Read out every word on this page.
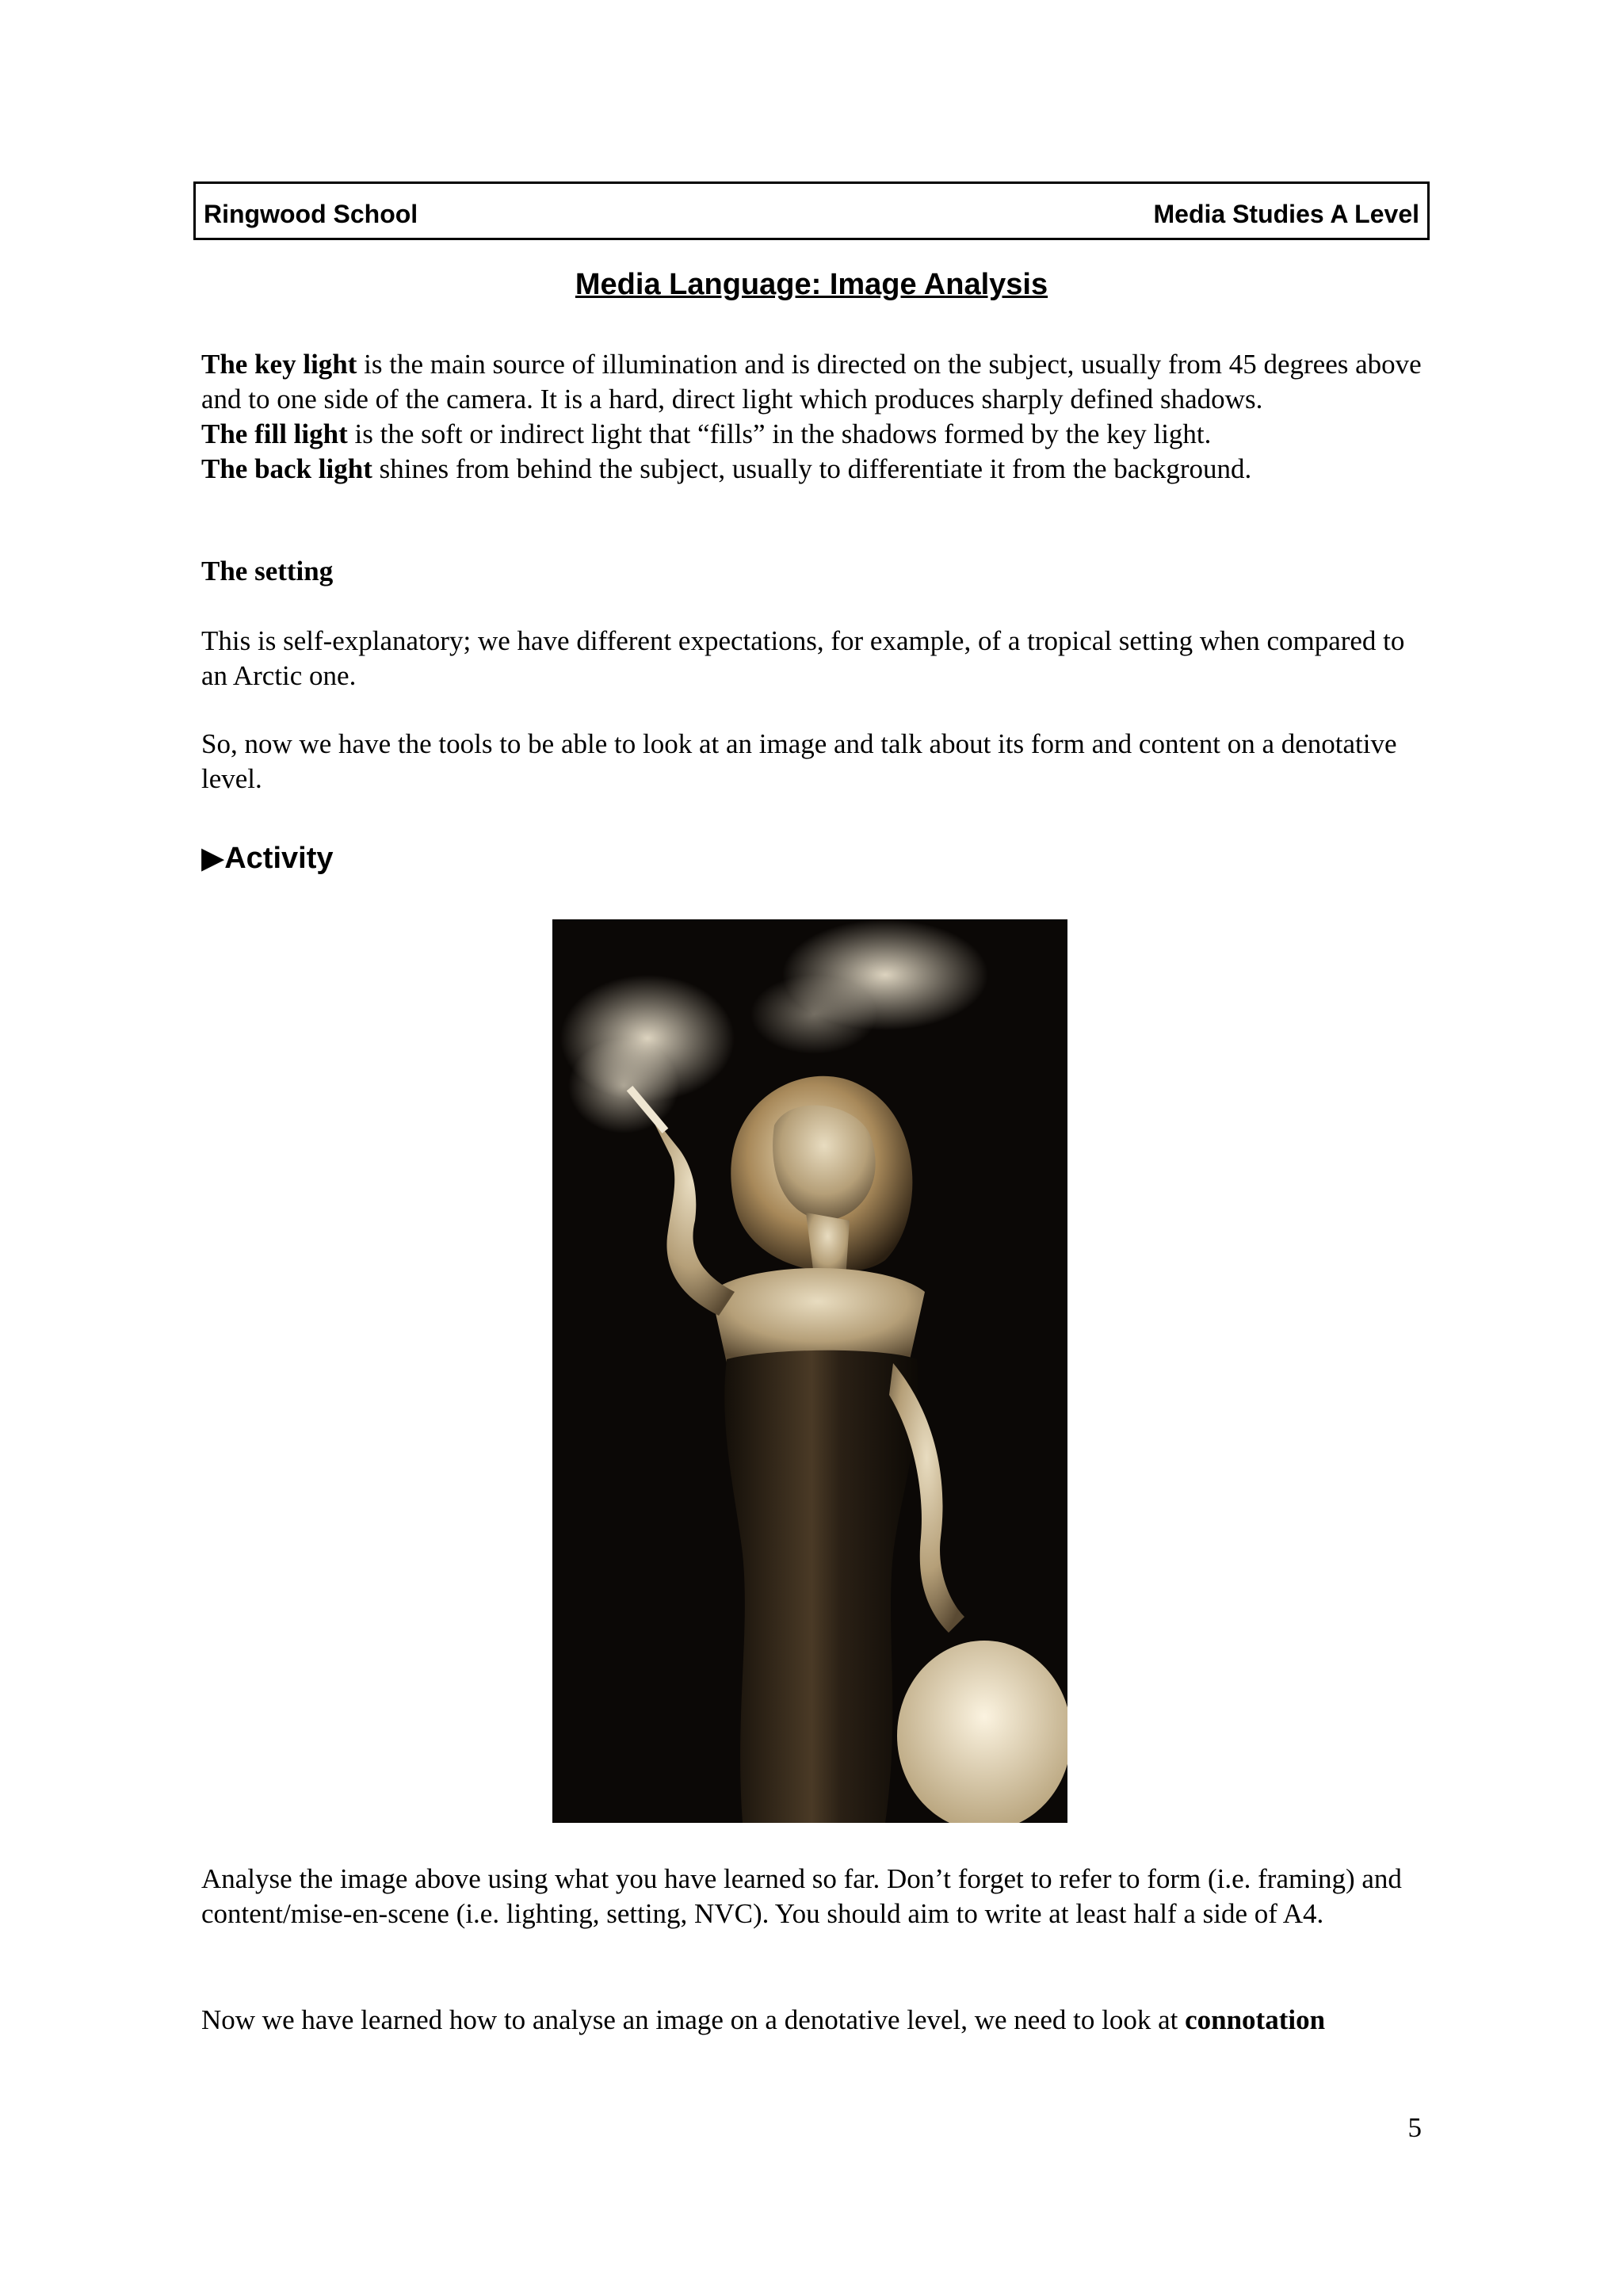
Ringwood School	Media Studies A Level
Media Language: Image Analysis

The key light is the main source of illumination and is directed on the subject, usually from 45 degrees above and to one side of the camera. It is a hard, direct light which produces sharply defined shadows.

The fill light is the soft or indirect light that “fills” in the shadows formed by the key light.

The back light shines from behind the subject, usually to differentiate it from the background.

The setting
This is self-explanatory; we have different expectations, for example, of a tropical setting when compared to an Arctic one.
So, now we have the tools to be able to look at an image and talk about its form and content on a denotative level.
▶Activity
Analyse the image above using what you have learned so far. Don’t forget to refer to form (i.e. framing) and content/mise-en-scene (i.e. lighting, setting, NVC). You should aim to write at least half a side of A4.
Now we have learned how to analyse an image on a denotative level, we need to look at connotation
5
